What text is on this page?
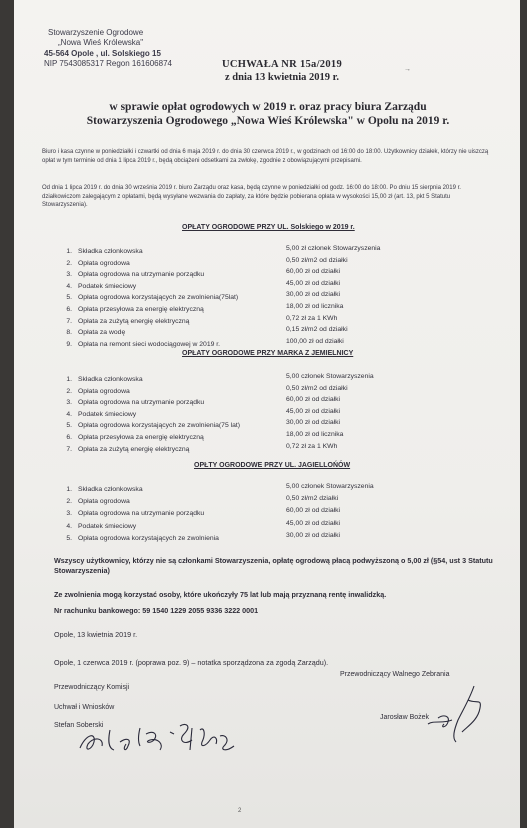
Stowarzyszenie Ogrodowe
„Nowa Wieś Królewska"
45-564 Opole , ul. Solskiego 15
NIP 7543085317 Regon 161606874	UCHWAŁA NR 15a/2019
z dnia 13 kwietnia 2019 r.
→
w sprawie opłat ogrodowych w 2019 r. oraz pracy biura Zarządu
Stowarzyszenia Ogrodowego „Nowa Wieś Królewska" w Opolu na 2019 r.
Biuro i kasa czynne w poniedziałki i czwartki od dnia 6 maja 2019 r. do dnia 30 czerwca 2019 r., w godzinach od 16:00 do 18:00. Użytkownicy działek, którzy nie uiszczą opłat w tym terminie od dnia 1 lipca 2019 r., będą obciążeni odsetkami za zwłokę, zgodnie z obowiązującymi przepisami.
Od dnia 1 lipca 2019 r. do dnia 30 września 2019 r. biuro Zarządu oraz kasa, będą czynne w poniedziałki od godz. 16:00 do 18:00. Po dniu 15 sierpnia 2019 r. działkowiczom zalegającym z opłatami, będą wysyłane wezwania do zapłaty, za które będzie pobierana opłata w wysokości 15,00 zł (art. 13, pkt 5 Statutu Stowarzyszenia).
OPŁATY OGRODOWE PRZY UL. Solskiego w 2019 r.
1. Składka członkowska	5,00 zł członek Stowarzyszenia
2. Opłata ogrodowa	0,50 zł/m2 od działki
3. Opłata ogrodowa na utrzymanie porządku	60,00 zł od działki
4. Podatek śmieciowy	45,00 zł od działki
5. Opłata ogrodowa korzystających ze zwolnienia(75lat)	30,00 zł od działki
6. Opłata przesyłowa za energię elektryczną	18,00 zł od licznika
7. Opłata za zużytą energię elektryczną	0,72 zł za 1 KWh
8. Opłata za wodę	0,15 zł/m2 od działki
9. Opłata na remont sieci wodociągowej w 2019 r.	100,00 zł od działki
OPŁATY OGRODOWE PRZY MARKA Z JEMIELNICY
1. Składka członkowska	5,00 członek Stowarzyszenia
2. Opłata ogrodowa	0,50 zł/m2 od działki
3. Opłata ogrodowa na utrzymanie porządku	60,00 zł od działki
4. Podatek śmieciowy	45,00 zł od działki
5. Opłata ogrodowa korzystających ze zwolnienia(75 lat)	30,00 zł od działki
6. Opłata przesyłowa za energię elektryczną	18,00 zł od licznika
7. Opłata za zużytą energię elektryczną	0,72 zł za 1 KWh
OPŁTY OGRODOWE PRZY UL. JAGIELLOŃÓW
1. Składka członkowska	5,00 członek Stowarzyszenia
2. Opłata ogrodowa	0,50 zł/m2 działki
3. Opłata ogrodowa na utrzymanie porządku	60,00 zł od działki
4. Podatek śmieciowy	45,00 zł od działki
5. Opłata ogrodowa korzystających ze zwolnienia	30,00 zł od działki
Wszyscy użytkownicy, którzy nie są członkami Stowarzyszenia, opłatę ogrodową płacą podwyższoną o 5,00 zł (§54, ust 3 Statutu Stowarzyszenia)
Ze zwolnienia mogą korzystać osoby, które ukończyły 75 lat lub mają przyznaną rentę inwalidzką.
Nr rachunku bankowego: 59 1540 1229 2055 9336 3222 0001
Opole, 13 kwietnia 2019 r.
Opole, 1 czerwca 2019 r. (poprawa poz. 9) – notatka sporządzona za zgodą Zarządu).
Przewodniczący Komisji
Uchwał i Wniosków
Stefan Soberski
Przewodniczący Walnego Zebrania
Jarosław Bożek
2
